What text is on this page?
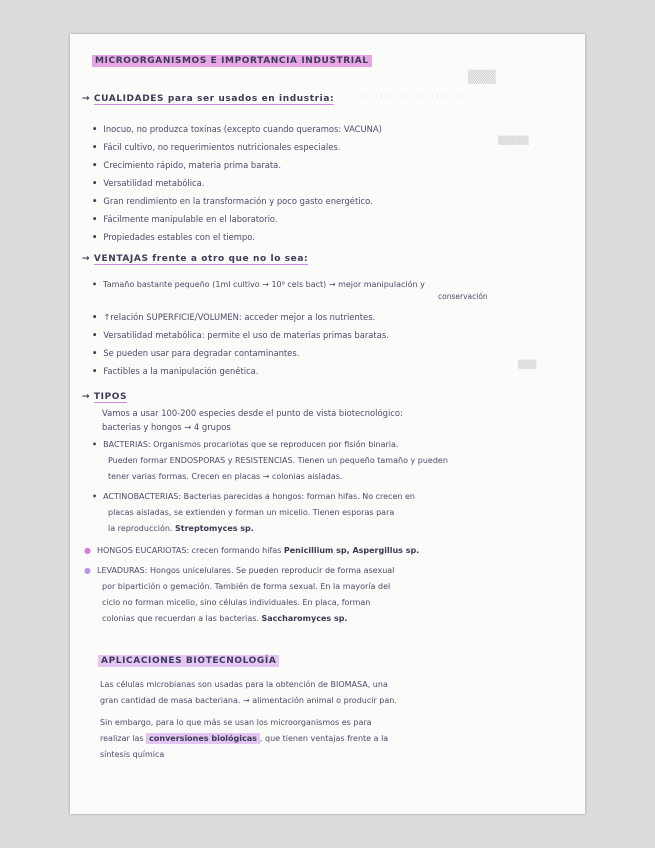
▒▒▒
· · · · · · · · · · · · · · · · · · · · ·
▒▒▒▒▒
▒▒▒
MICROORGANISMOS E IMPORTANCIA INDUSTRIAL
→ CUALIDADES para ser usados en industria:
• Inocuo, no produzca toxinas (excepto cuando queramos: VACUNA)
• Fácil cultivo, no requerimientos nutricionales especiales.
• Crecimiento rápido, materia prima barata.
• Versatilidad metabólica.
• Gran rendimiento en la transformación y poco gasto energético.
• Fácilmente manipulable en el laboratorio.
• Propiedades estables con el tiempo.
→ VENTAJAS frente a otro que no lo sea:
• Tamaño bastante pequeño (1ml cultivo → 10⁹ cels bact) → mejor manipulación y
conservación
• ↑relación SUPERFICIE/VOLUMEN: acceder mejor a los nutrientes.
• Versatilidad metabólica: permite el uso de materias primas baratas.
• Se pueden usar para degradar contaminantes.
• Factibles a la manipulación genética.
→ TIPOS
Vamos a usar 100-200 especies desde el punto de vista biotecnológico:
bacterias y hongos → 4 grupos
• BACTERIAS: Organismos procariotas que se reproducen por fisión binaria.
Pueden formar ENDOSPORAS y RESISTENCIAS. Tienen un pequeño tamaño y pueden
tener varias formas. Crecen en placas → colonias aisladas.
• ACTINOBACTERIAS: Bacterias parecidas a hongos: forman hifas. No crecen en
placas aisladas, se extienden y forman un micelio. Tienen esporas para
la reproducción. Streptomyces sp.
● HONGOS EUCARIOTAS: crecen formando hifas Penicillium sp, Aspergillus sp.
● LEVADURAS: Hongos unicelulares. Se pueden reproducir de forma asexual
por bipartición o gemación. También de forma sexual. En la mayoría del
ciclo no forman micelio, sino células individuales. En placa, forman
colonias que recuerdan a las bacterias. Saccharomyces sp.
APLICACIONES BIOTECNOLOGÍA
Las células microbianas son usadas para la obtención de BIOMASA, una
gran cantidad de masa bacteriana. → alimentación animal o producir pan.
Sin embargo, para lo que más se usan los microorganismos es para
realizar las conversiones biológicas , que tienen ventajas frente a la
síntesis química
